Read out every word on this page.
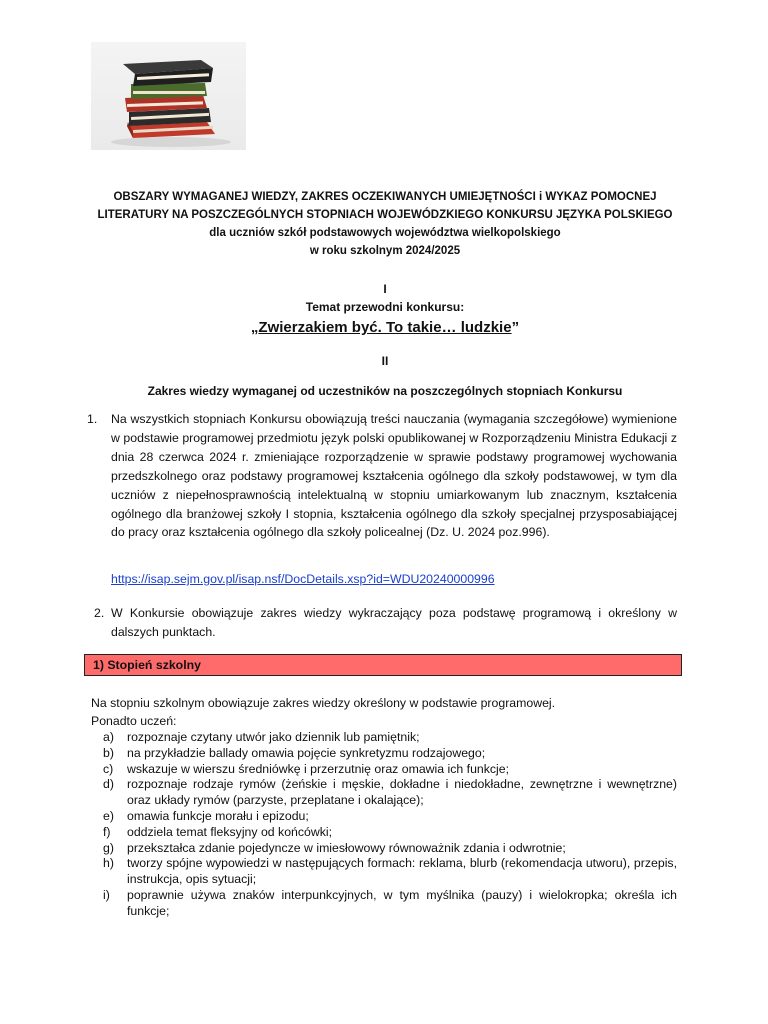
OBSZARY WYMAGANEJ WIEDZY, ZAKRES OCZEKIWANYCH UMIEJĘTNOŚCI i WYKAZ POMOCNEJ
LITERATURY NA POSZCZEGÓLNYCH STOPNIACH WOJEWÓDZKIEGO KONKURSU JĘZYKA POLSKIEGO
dla uczniów szkół podstawowych województwa wielkopolskiego
w roku szkolnym 2024/2025
I
Temat przewodni konkursu:
„Zwierzakiem być. To takie… ludzkie”
II
Zakres wiedzy wymaganej od uczestników na poszczególnych stopniach Konkursu
1. Na wszystkich stopniach Konkursu obowiązują treści nauczania (wymagania szczegółowe) wymienione w podstawie programowej przedmiotu język polski opublikowanej w Rozporządzeniu Ministra Edukacji z dnia 28 czerwca 2024 r. zmieniające rozporządzenie w sprawie podstawy programowej wychowania przedszkolnego oraz podstawy programowej kształcenia ogólnego dla szkoły podstawowej, w tym dla uczniów z niepełnosprawnością intelektualną w stopniu umiarkowanym lub znacznym, kształcenia ogólnego dla branżowej szkoły I stopnia, kształcenia ogólnego dla szkoły specjalnej przysposabiającej do pracy oraz kształcenia ogólnego dla szkoły policealnej (Dz. U. 2024 poz.996).
https://isap.sejm.gov.pl/isap.nsf/DocDetails.xsp?id=WDU20240000996
2. W Konkursie obowiązuje zakres wiedzy wykraczający poza podstawę programową i określony w dalszych punktach.
1) Stopień szkolny
Na stopniu szkolnym obowiązuje zakres wiedzy określony w podstawie programowej.
Ponadto uczeń:
a) rozpoznaje czytany utwór jako dziennik lub pamiętnik;
b) na przykładzie ballady omawia pojęcie synkretyzmu rodzajowego;
c) wskazuje w wierszu średniówkę i przerzutnię oraz omawia ich funkcje;
d) rozpoznaje rodzaje rymów (żeńskie i męskie, dokładne i niedokładne, zewnętrzne i wewnętrzne) oraz układy rymów (parzyste, przeplatane i okalające);
e) omawia funkcje morału i epizodu;
f) oddziela temat fleksyjny od końcówki;
g) przekształca zdanie pojedyncze w imiesłowowy równoważnik zdania i odwrotnie;
h) tworzy spójne wypowiedzi w następujących formach: reklama, blurb (rekomendacja utworu), przepis, instrukcja, opis sytuacji;
i) poprawnie używa znaków interpunkcyjnych, w tym myślnika (pauzy) i wielokropka; określa ich funkcje;
